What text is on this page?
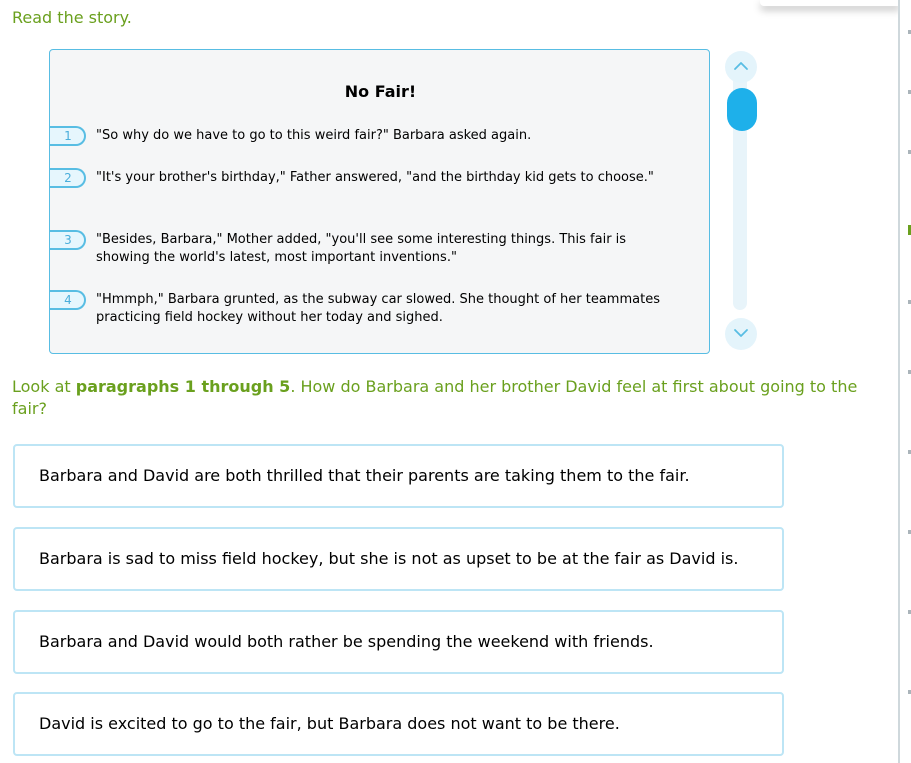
Read the story.
No Fair!
1	"So why do we have to go to this weird fair?" Barbara asked again.
2	"It's your brother's birthday," Father answered, "and the birthday kid gets to choose."
3	"Besides, Barbara," Mother added, "you'll see some interesting things. This fair is showing the world's latest, most important inventions."
4	"Hmmph," Barbara grunted, as the subway car slowed. She thought of her teammates practicing field hockey without her today and sighed.
Look at paragraphs 1 through 5. How do Barbara and her brother David feel at first about going to the fair?
Barbara and David are both thrilled that their parents are taking them to the fair.
Barbara is sad to miss field hockey, but she is not as upset to be at the fair as David is.
Barbara and David would both rather be spending the weekend with friends.
David is excited to go to the fair, but Barbara does not want to be there.
